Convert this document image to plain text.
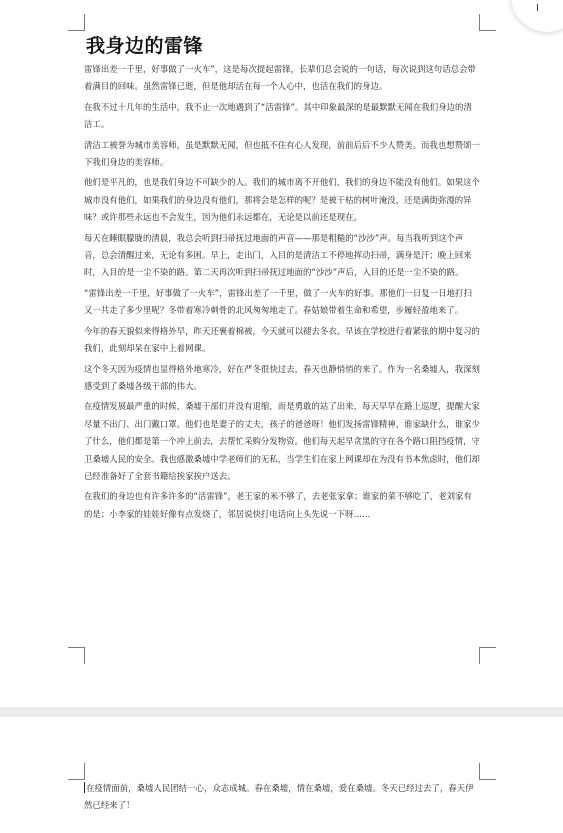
我身边的雷锋

雷锋出差一千里，好事做了一火车”，这是每次提起雷锋，长辈们总会说的一句话，每次说到这句话总会带着满目的回味。虽然雷锋已逝，但是他却活在每一个人心中，也活在我们的身边。

在我不过十几年的生活中，我不止一次地遇到了“活雷锋”。其中印象最深的是最默默无闻在我们身边的清洁工。

清洁工被誉为城市美容师，虽是默默无闻，但也抵不住有心人发现，前前后后不少人赞美。而我也想赞颂一下我们身边的美容师。

他们是平凡的，也是我们身边不可缺少的人。我们的城市离不开他们，我们的身边不能没有他们。如果这个城市没有他们，如果我们的身边没有他们，那将会是怎样的呢？是被干枯的树叶淹没，还是满街弥漫的异味？或许那些永远也不会发生，因为他们永远都在，无论是以前还是现在。

每天在睡眼朦胧的清晨，我总会听到扫帚抚过地面的声音——那是粗糙的“沙沙”声。每当我听到这个声音，总会清醒过来，无论有多困。早上，走出门，入目的是清洁工不停地挥动扫帚，满身是汗；晚上回来时，入目的是一尘不染的路。第二天再次听到扫帚抚过地面的“沙沙”声后，入目的还是一尘不染的路。

“雷锋出差一千里，好事做了一火车”，雷锋出差了一千里，做了一火车的好事。那他们一日复一日地打扫又一共走了多少里呢？冬带着寒冷刺骨的北风匆匆地走了。春姑娘带着生命和希望，步履轻盈地来了。

今年的春天貌似来得格外早，昨天还裹着棉被，今天就可以褪去冬衣。早该在学校进行着紧张的期中复习的我们，此刻却呆在家中上着网课。

这个冬天因为疫情也显得格外地寒冷，好在严冬很快过去，春天也静悄悄的来了。作为一名桑墟人，我深刻感受到了桑墟各级干部的伟大。

在疫情发展最严重的时候，桑墟干部们并没有退缩，而是勇敢的站了出来，每天早早在路上巡逻，提醒大家尽量不出门、出门戴口罩。他们也是妻子的丈夫，孩子的爸爸呀！他们发扬雷锋精神，谁家缺什么，谁家少了什么，他们都是第一个冲上前去，去帮忙采购分发物资。他们每天起早贪黑的守在各个路口阻挡疫情，守卫桑墟人民的安全。我也感激桑墟中学老师们的无私，当学生们在家上网课却在为没有书本焦虑时，他们却已经准备好了全套书籍给挨家挨户送去。

在我们的身边也有许多许多的“活雷锋”，老王家的米不够了，去老张家拿；谁家的菜不够吃了，老刘家有的是；小李家的娃娃好像有点发烧了，邻居说快打电话向上头先说一下呀……

在疫情面前，桑墟人民团结一心，众志成城。春在桑墟，情在桑墟，爱在桑墟。冬天已经过去了，春天伊然已经来了！
